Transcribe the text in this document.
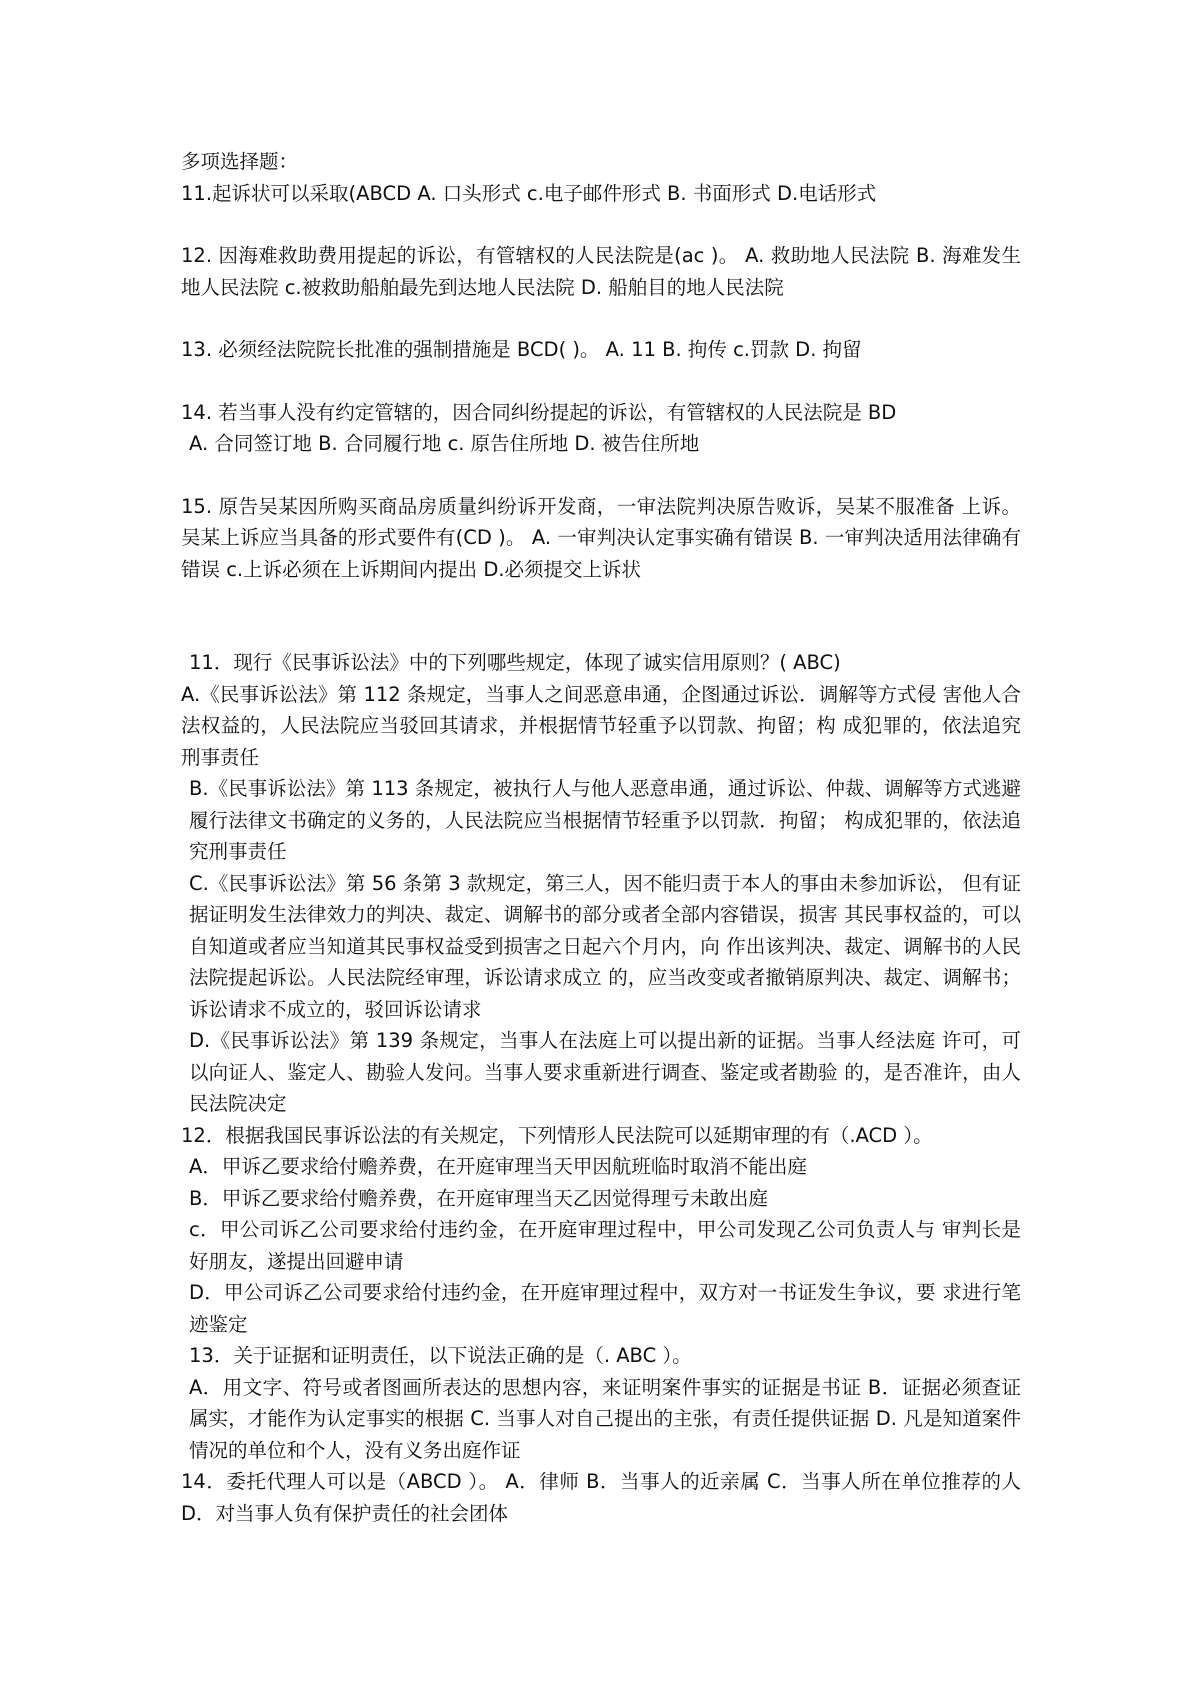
多项选择题：

11.起诉状可以采取(ABCD A. 口头形式 c.电子邮件形式 B. 书面形式 D.电话形式

12. 因海难救助费用提起的诉讼，有管辖权的人民法院是(ac )。 A. 救助地人民法院 B. 海难发生地人民法院 c.被救助船舶最先到达地人民法院 D. 船舶目的地人民法院

13. 必须经法院院长批准的强制措施是 BCD( )。 A. 11 B. 拘传 c.罚款 D. 拘留

14. 若当事人没有约定管辖的，因合同纠纷提起的诉讼，有管辖权的人民法院是 BD

A. 合同签订地 B. 合同履行地 c. 原告住所地 D. 被告住所地

15. 原告吴某因所购买商品房质量纠纷诉开发商，一审法院判决原告败诉，吴某不服准备 上诉。吴某上诉应当具备的形式要件有(CD )。 A. 一审判决认定事实确有错误 B. 一审判决适用法律确有错误 c.上诉必须在上诉期间内提出 D.必须提交上诉状

11．现行《民事诉讼法》中的下列哪些规定，体现了诚实信用原则？( ABC)

A.《民事诉讼法》第 112 条规定，当事人之间恶意串通，企图通过诉讼．调解等方式侵 害他人合法权益的，人民法院应当驳回其请求，并根据情节轻重予以罚款、拘留；构 成犯罪的，依法追究刑事责任

B.《民事诉讼法》第 113 条规定，被执行人与他人恶意串通，通过诉讼、仲裁、调解等方式逃避履行法律文书确定的义务的，人民法院应当根据情节轻重予以罚款．拘留； 构成犯罪的，依法追究刑事责任

C.《民事诉讼法》第 56 条第 3 款规定，第三人，因不能归责于本人的事由未参加诉讼， 但有证据证明发生法律效力的判决、裁定、调解书的部分或者全部内容错误，损害 其民事权益的，可以自知道或者应当知道其民事权益受到损害之日起六个月内，向 作出该判决、裁定、调解书的人民法院提起诉讼。人民法院经审理，诉讼请求成立 的，应当改变或者撤销原判决、裁定、调解书；诉讼请求不成立的，驳回诉讼请求

D.《民事诉讼法》第 139 条规定，当事人在法庭上可以提出新的证据。当事人经法庭 许可，可以向证人、鉴定人、勘验人发问。当事人要求重新进行调查、鉴定或者勘验 的，是否准许，由人民法院决定

12．根据我国民事诉讼法的有关规定，下列情形人民法院可以延期审理的有（.ACD ）。

A．甲诉乙要求给付赡养费，在开庭审理当天甲因航班临时取消不能出庭

B．甲诉乙要求给付赡养费，在开庭审理当天乙因觉得理亏未敢出庭

c．甲公司诉乙公司要求给付违约金，在开庭审理过程中，甲公司发现乙公司负责人与 审判长是好朋友，遂提出回避申请

D．甲公司诉乙公司要求给付违约金，在开庭审理过程中，双方对一书证发生争议，要 求进行笔迹鉴定

13．关于证据和证明责任，以下说法正确的是（. ABC ）。

A．用文字、符号或者图画所表达的思想内容，来证明案件事实的证据是书证 B．证据必须查证属实，才能作为认定事实的根据 C. 当事人对自己提出的主张，有责任提供证据 D. 凡是知道案件情况的单位和个人，没有义务出庭作证

14．委托代理人可以是（ABCD ）。 A．律师 B．当事人的近亲属 C．当事人所在单位推荐的人 D．对当事人负有保护责任的社会团体
